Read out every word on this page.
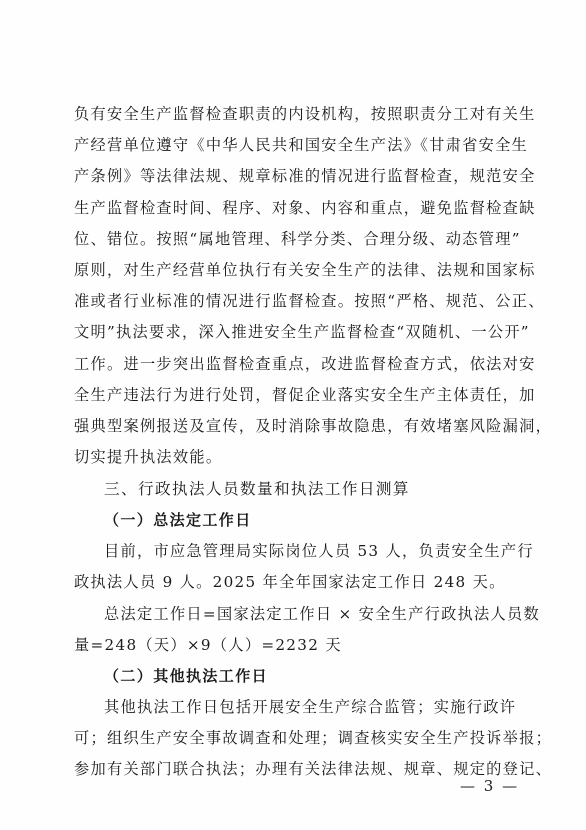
负有安全生产监督检查职责的内设机构，按照职责分工对有关生
产经营单位遵守《中华人民共和国安全生产法》《甘肃省安全生
产条例》等法律法规、规章标准的情况进行监督检查，规范安全
生产监督检查时间、程序、对象、内容和重点，避免监督检查缺
位、错位。按照“属地管理、科学分类、合理分级、动态管理”
原则，对生产经营单位执行有关安全生产的法律、法规和国家标
准或者行业标准的情况进行监督检查。按照“严格、规范、公正、
文明”执法要求，深入推进安全生产监督检查“双随机、一公开”
工作。进一步突出监督检查重点，改进监督检查方式，依法对安
全生产违法行为进行处罚，督促企业落实安全生产主体责任，加
强典型案例报送及宣传，及时消除事故隐患，有效堵塞风险漏洞，
切实提升执法效能。
三、行政执法人员数量和执法工作日测算
（一）总法定工作日
目前，市应急管理局实际岗位人员 53 人，负责安全生产行
政执法人员 9 人。2025 年全年国家法定工作日 248 天。
总法定工作日=国家法定工作日 × 安全生产行政执法人员数
量=248（天）×9（人）=2232 天
（二）其他执法工作日
其他执法工作日包括开展安全生产综合监管；实施行政许
可；组织生产安全事故调查和处理；调查核实安全生产投诉举报；
参加有关部门联合执法；办理有关法律法规、规章、规定的登记、
— 3 —
